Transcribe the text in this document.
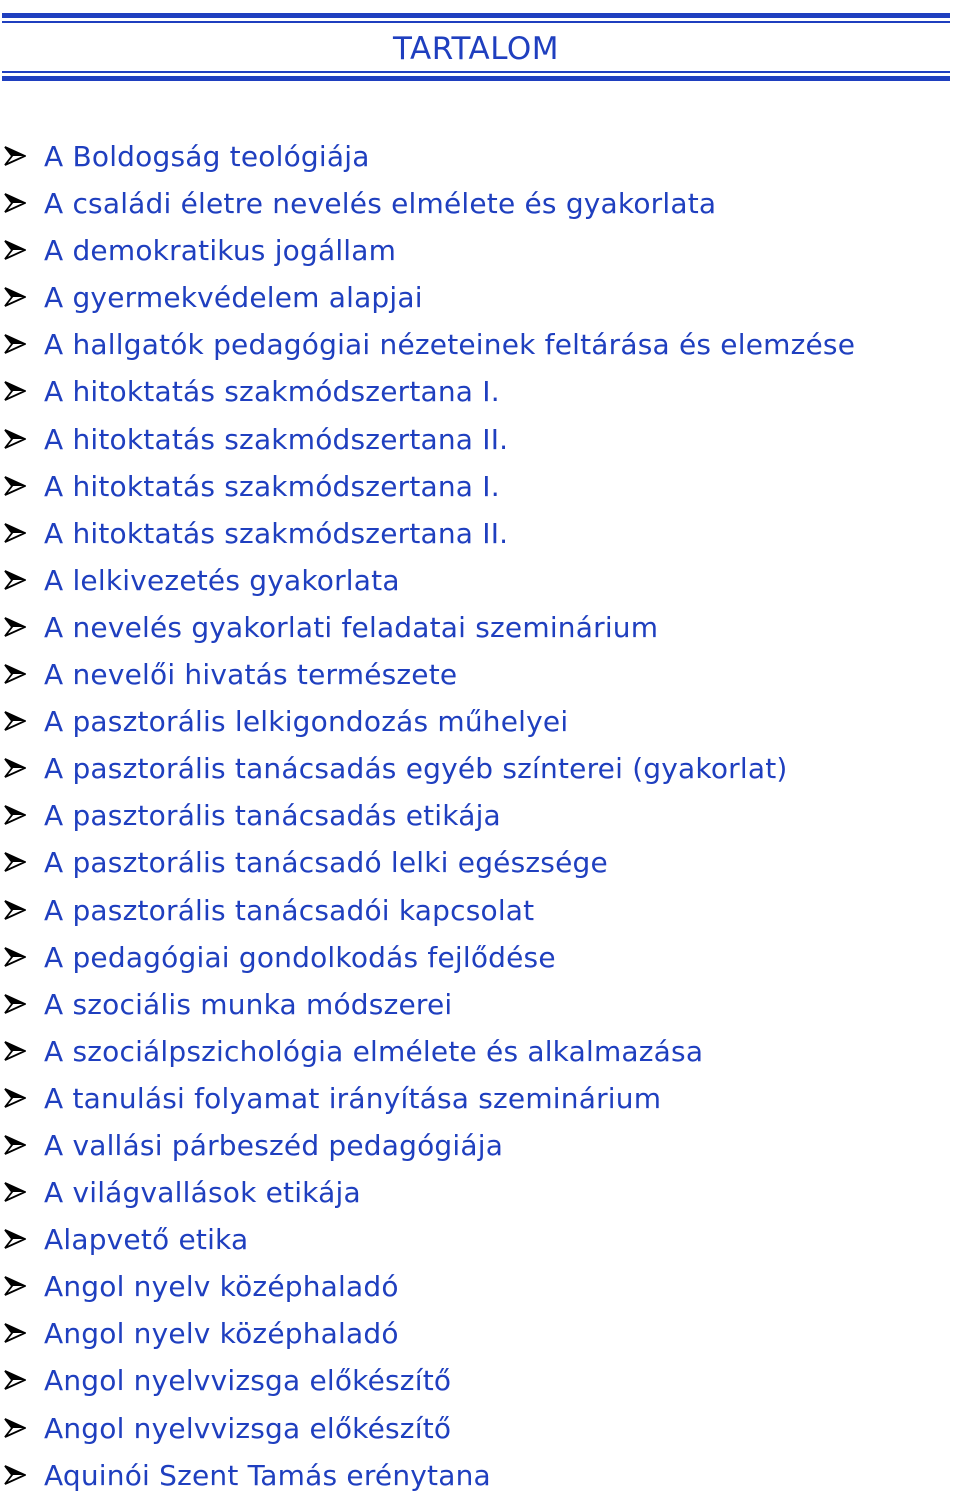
TARTALOM
A Boldogság teológiája
A családi életre nevelés elmélete és gyakorlata
A demokratikus jogállam
A gyermekvédelem alapjai
A hallgatók pedagógiai nézeteinek feltárása és elemzése
A hitoktatás szakmódszertana I.
A hitoktatás szakmódszertana II.
A hitoktatás szakmódszertana I.
A hitoktatás szakmódszertana II.
A lelkivezetés gyakorlata
A nevelés gyakorlati feladatai szeminárium
A nevelői hivatás természete
A pasztorális lelkigondozás műhelyei
A pasztorális tanácsadás egyéb színterei (gyakorlat)
A pasztorális tanácsadás etikája
A pasztorális tanácsadó lelki egészsége
A pasztorális tanácsadói kapcsolat
A pedagógiai gondolkodás fejlődése
A szociális munka módszerei
A szociálpszichológia elmélete és alkalmazása
A tanulási folyamat irányítása szeminárium
A vallási párbeszéd pedagógiája
A világvallások etikája
Alapvető etika
Angol nyelv középhaladó
Angol nyelv középhaladó
Angol nyelvvizsga előkészítő
Angol nyelvvizsga előkészítő
Aquinói Szent Tamás erénytana
